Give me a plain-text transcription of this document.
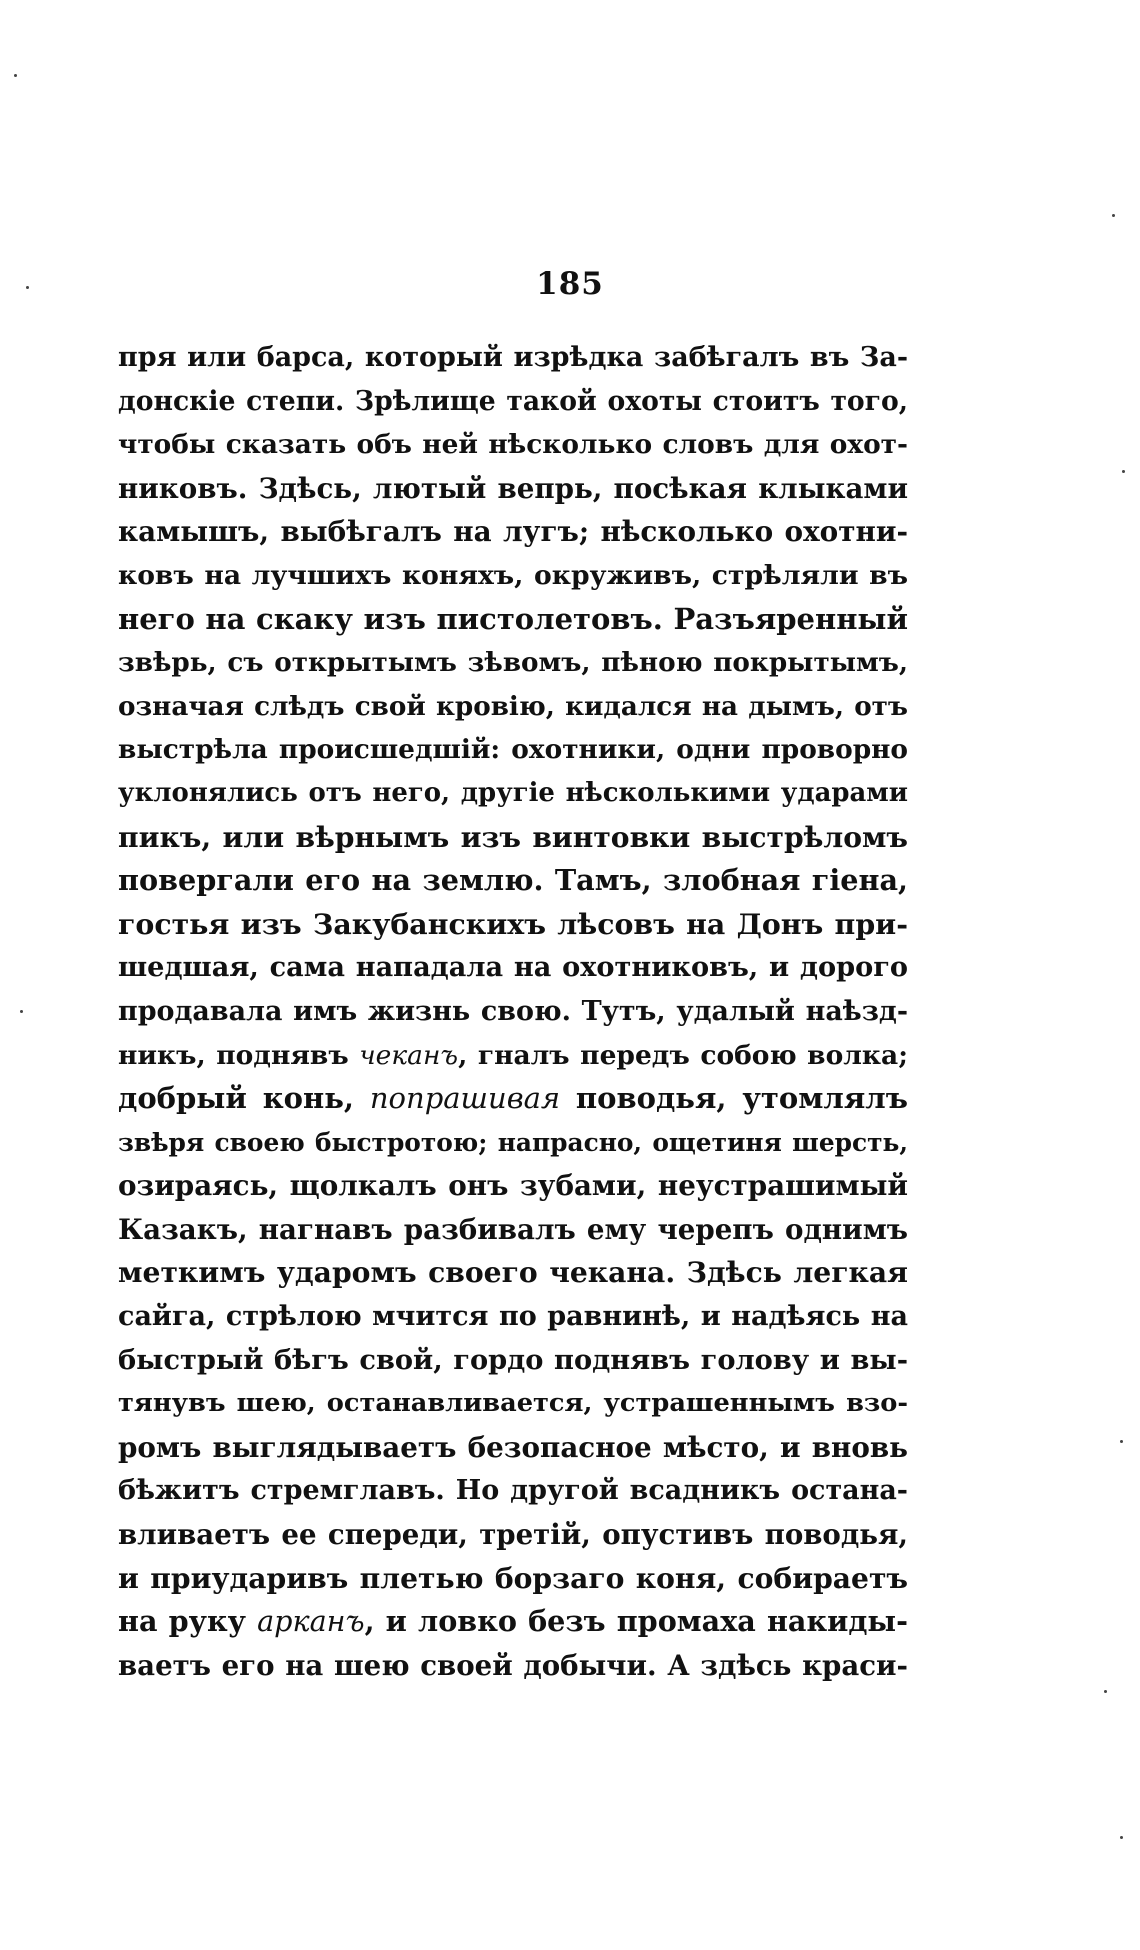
185
пря или барса, который изрѣдка забѣгалъ въ За-
донскіе степи. Зрѣлище такой охоты стоитъ того,
чтобы сказать объ ней нѣсколько словъ для охот-
никовъ. Здѣсь, лютый вепрь, посѣкая клыками
камышъ, выбѣгалъ на лугъ; нѣсколько охотни-
ковъ на лучшихъ коняхъ, окруживъ, стрѣляли въ
него на скаку изъ пистолетовъ. Разъяренный
звѣрь, съ открытымъ зѣвомъ, пѣною покрытымъ,
означая слѣдъ свой кровію, кидался на дымъ, отъ
выстрѣла происшедшій: охотники, одни проворно
уклонялись отъ него, другіе нѣсколькими ударами
пикъ, или вѣрнымъ изъ винтовки выстрѣломъ
повергали его на землю. Тамъ, злобная гіена,
гостья изъ Закубанскихъ лѣсовъ на Донъ при-
шедшая, сама нападала на охотниковъ, и дорого
продавала имъ жизнь свою. Тутъ, удалый наѣзд-
никъ, поднявъ чеканъ, гналъ передъ собою волка;
добрый конь, попрашивая поводья, утомлялъ
звѣря своею быстротою; напрасно, ощетиня шерсть,
озираясь, щолкалъ онъ зубами, неустрашимый
Казакъ, нагнавъ разбивалъ ему черепъ однимъ
меткимъ ударомъ своего чекана. Здѣсь легкая
сайга, стрѣлою мчится по равнинѣ, и надѣясь на
быстрый бѣгъ свой, гордо поднявъ голову и вы-
тянувъ шею, останавливается, устрашеннымъ взо-
ромъ выглядываетъ безопасное мѣсто, и вновь
бѣжитъ стремглавъ. Но другой всадникъ остана-
вливаетъ ее спереди, третій, опустивъ поводья,
и приударивъ плетью борзаго коня, собираетъ
на руку арканъ, и ловко безъ промаха накиды-
ваетъ его на шею своей добычи. А здѣсь краси-
